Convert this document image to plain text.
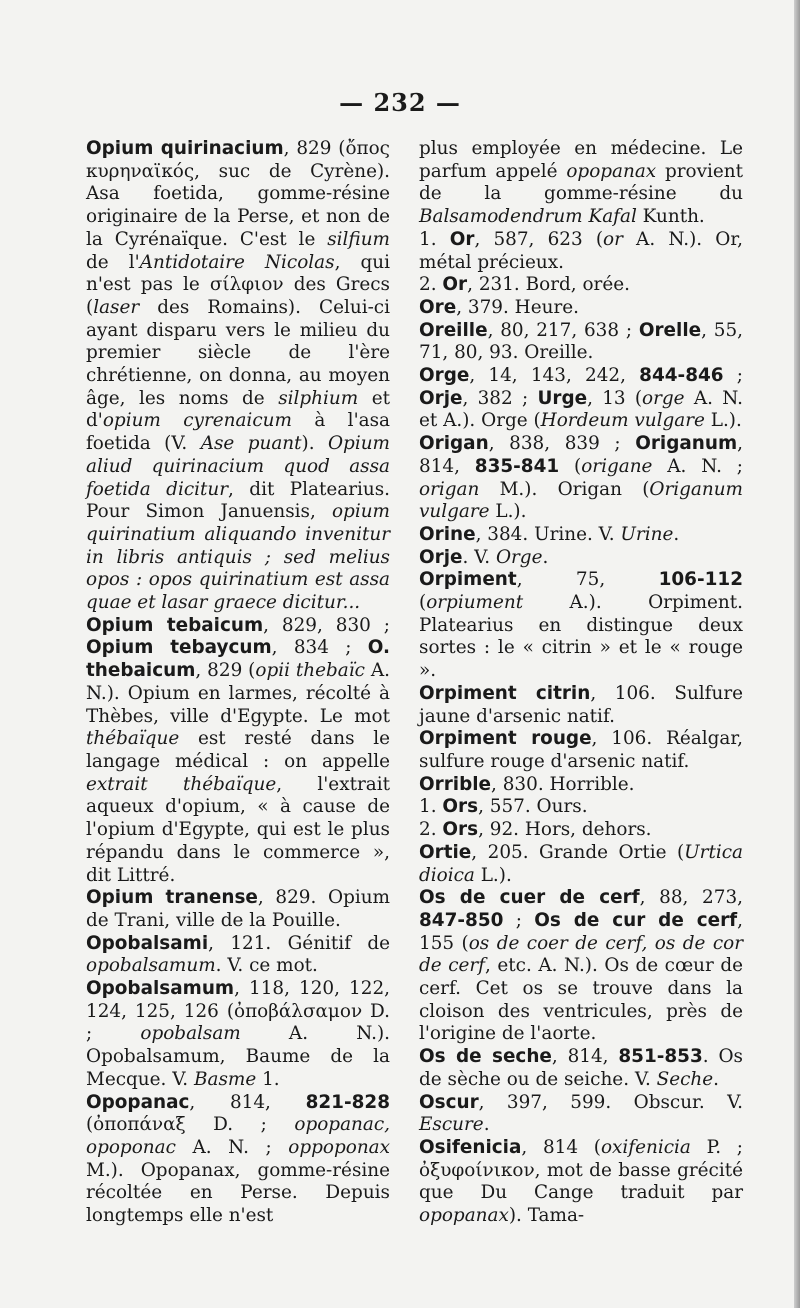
— 232 —

Opium quirinacium, 829 (ὄπος κυρηναϊκός, suc de Cyrène). Asa foetida, gomme-résine originaire de la Perse, et non de la Cyrénaïque. C'est le silfium de l'Antidotaire Nicolas, qui n'est pas le σίλφιον des Grecs (laser des Romains). Celui-ci ayant disparu vers le milieu du premier siècle de l'ère chrétienne, on donna, au moyen âge, les noms de silphium et d'opium cyrenaicum à l'asa foetida (V. Ase puant). Opium aliud quirinacium quod assa foetida dicitur, dit Platearius. Pour Simon Januensis, opium quirinatium aliquando invenitur in libris antiquis ; sed melius opos : opos quirinatium est assa quae et lasar graece dicitur...

Opium tebaicum, 829, 830 ; Opium tebaycum, 834 ; O. thebaicum, 829 (opii thebaïc A. N.). Opium en larmes, récolté à Thèbes, ville d'Egypte. Le mot thébaïque est resté dans le langage médical : on appelle extrait thébaïque, l'extrait aqueux d'opium, « à cause de l'opium d'Egypte, qui est le plus répandu dans le commerce », dit Littré.

Opium tranense, 829. Opium de Trani, ville de la Pouille.

Opobalsami, 121. Génitif de opobalsamum. V. ce mot.

Opobalsamum, 118, 120, 122, 124, 125, 126 (ὀποβάλσαμον D. ; opobalsam A. N.). Opobalsamum, Baume de la Mecque. V. Basme 1.

Opopanac, 814, 821-828 (ὀποπάναξ D. ; opopanac, opoponac A. N. ; oppoponax M.). Opopanax, gomme-résine récoltée en Perse. Depuis longtemps elle n'est

plus employée en médecine. Le parfum appelé opopanax provient de la gomme-résine du Balsamodendrum Kafal Kunth.

1. Or, 587, 623 (or A. N.). Or, métal précieux.

2. Or, 231. Bord, orée.

Ore, 379. Heure.

Oreille, 80, 217, 638 ; Orelle, 55, 71, 80, 93. Oreille.

Orge, 14, 143, 242, 844-846 ; Orje, 382 ; Urge, 13 (orge A. N. et A.). Orge (Hordeum vulgare L.).

Origan, 838, 839 ; Origanum, 814, 835-841 (origane A. N. ; origan M.). Origan (Origanum vulgare L.).

Orine, 384. Urine. V. Urine.

Orje. V. Orge.

Orpiment, 75, 106-112 (orpiument A.). Orpiment. Platearius en distingue deux sortes : le « citrin » et le « rouge ».

Orpiment citrin, 106. Sulfure jaune d'arsenic natif.

Orpiment rouge, 106. Réalgar, sulfure rouge d'arsenic natif.

Orrible, 830. Horrible.

1. Ors, 557. Ours.

2. Ors, 92. Hors, dehors.

Ortie, 205. Grande Ortie (Urtica dioica L.).

Os de cuer de cerf, 88, 273, 847-850 ; Os de cur de cerf, 155 (os de coer de cerf, os de cor de cerf, etc. A. N.). Os de cœur de cerf. Cet os se trouve dans la cloison des ventricules, près de l'origine de l'aorte.

Os de seche, 814, 851-853. Os de sèche ou de seiche. V. Seche.

Oscur, 397, 599. Obscur. V. Escure.

Osifenicia, 814 (oxifenicia P. ; ὀξυφοίνικον, mot de basse grécité que Du Cange traduit par opopanax). Tama-
